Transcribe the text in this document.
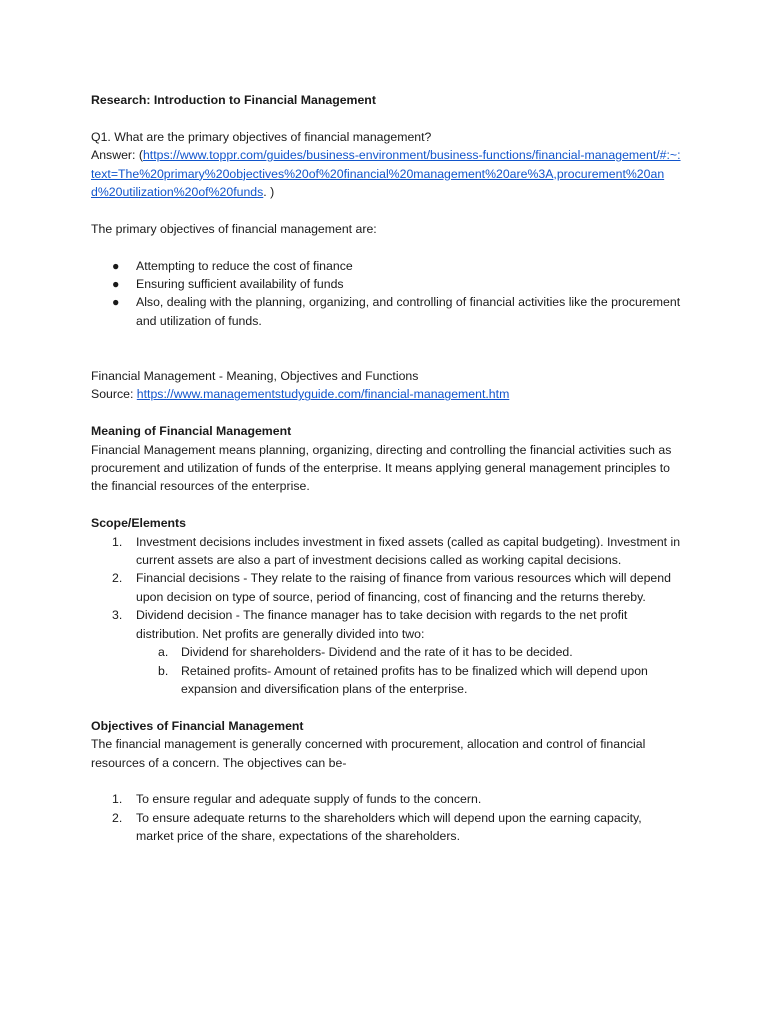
Research: Introduction to Financial Management

Q1. What are the primary objectives of financial management?

Answer: (https://www.toppr.com/guides/business-environment/business-functions/financial-management/#:~:text=The%20primary%20objectives%20of%20financial%20management%20are%3A,procurement%20and%20utilization%20of%20funds. )

The primary objectives of financial management are:

●	Attempting to reduce the cost of finance
●	Ensuring sufficient availability of funds
●	Also, dealing with the planning, organizing, and controlling of financial activities like the procurement and utilization of funds.

Financial Management - Meaning, Objectives and Functions

Source: https://www.managementstudyguide.com/financial-management.htm

Meaning of Financial Management

Financial Management means planning, organizing, directing and controlling the financial activities such as procurement and utilization of funds of the enterprise. It means applying general management principles to the financial resources of the enterprise.

Scope/Elements

1.	Investment decisions includes investment in fixed assets (called as capital budgeting). Investment in current assets are also a part of investment decisions called as working capital decisions.
2.	Financial decisions - They relate to the raising of finance from various resources which will depend upon decision on type of source, period of financing, cost of financing and the returns thereby.
3.	Dividend decision - The finance manager has to take decision with regards to the net profit distribution. Net profits are generally divided into two:
a.	Dividend for shareholders- Dividend and the rate of it has to be decided.
b.	Retained profits- Amount of retained profits has to be finalized which will depend upon expansion and diversification plans of the enterprise.

Objectives of Financial Management

The financial management is generally concerned with procurement, allocation and control of financial resources of a concern. The objectives can be-

1.	To ensure regular and adequate supply of funds to the concern.
2.	To ensure adequate returns to the shareholders which will depend upon the earning capacity, market price of the share, expectations of the shareholders.
